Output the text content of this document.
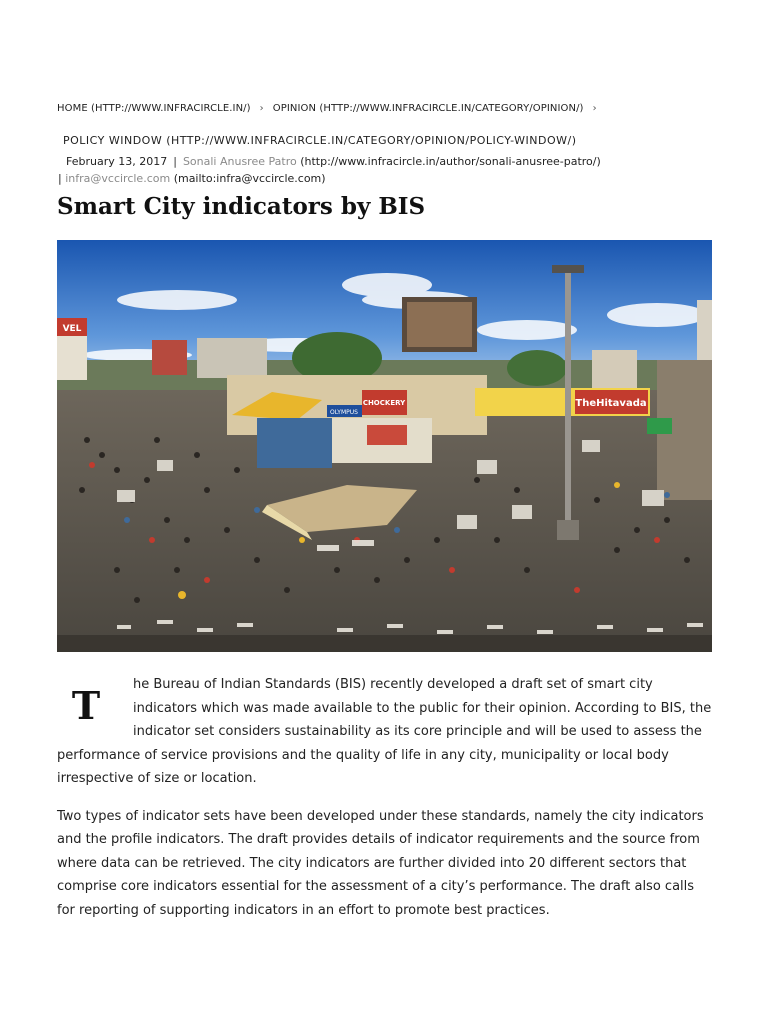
HOME (HTTP://WWW.INFRACIRCLE.IN/) › OPINION (HTTP://WWW.INFRACIRCLE.IN/CATEGORY/OPINION/) ›
POLICY WINDOW (HTTP://WWW.INFRACIRCLE.IN/CATEGORY/OPINION/POLICY-WINDOW/)
February 13, 2017 | Sonali Anusree Patro (http://www.infracircle.in/author/sonali-anusree-patro/)
| infra@vccircle.com (mailto:infra@vccircle.com)
Smart City indicators by BIS
CHOCKERY
OLYMPUS
VEL
TheHitavada
T	he Bureau of Indian Standards (BIS) recently developed a draft set of smart city indicators which was made available to the public for their opinion. According to BIS, the indicator set considers sustainability as its core principle and will be used to assess the performance of service provisions and the quality of life in any city, municipality or local body irrespective of size or location.

Two types of indicator sets have been developed under these standards, namely the city indicators and the profile indicators. The draft provides details of indicator requirements and the source from where data can be retrieved. The city indicators are further divided into 20 different sectors that comprise core indicators essential for the assessment of a city’s performance. The draft also calls for reporting of supporting indicators in an effort to promote best practices.
